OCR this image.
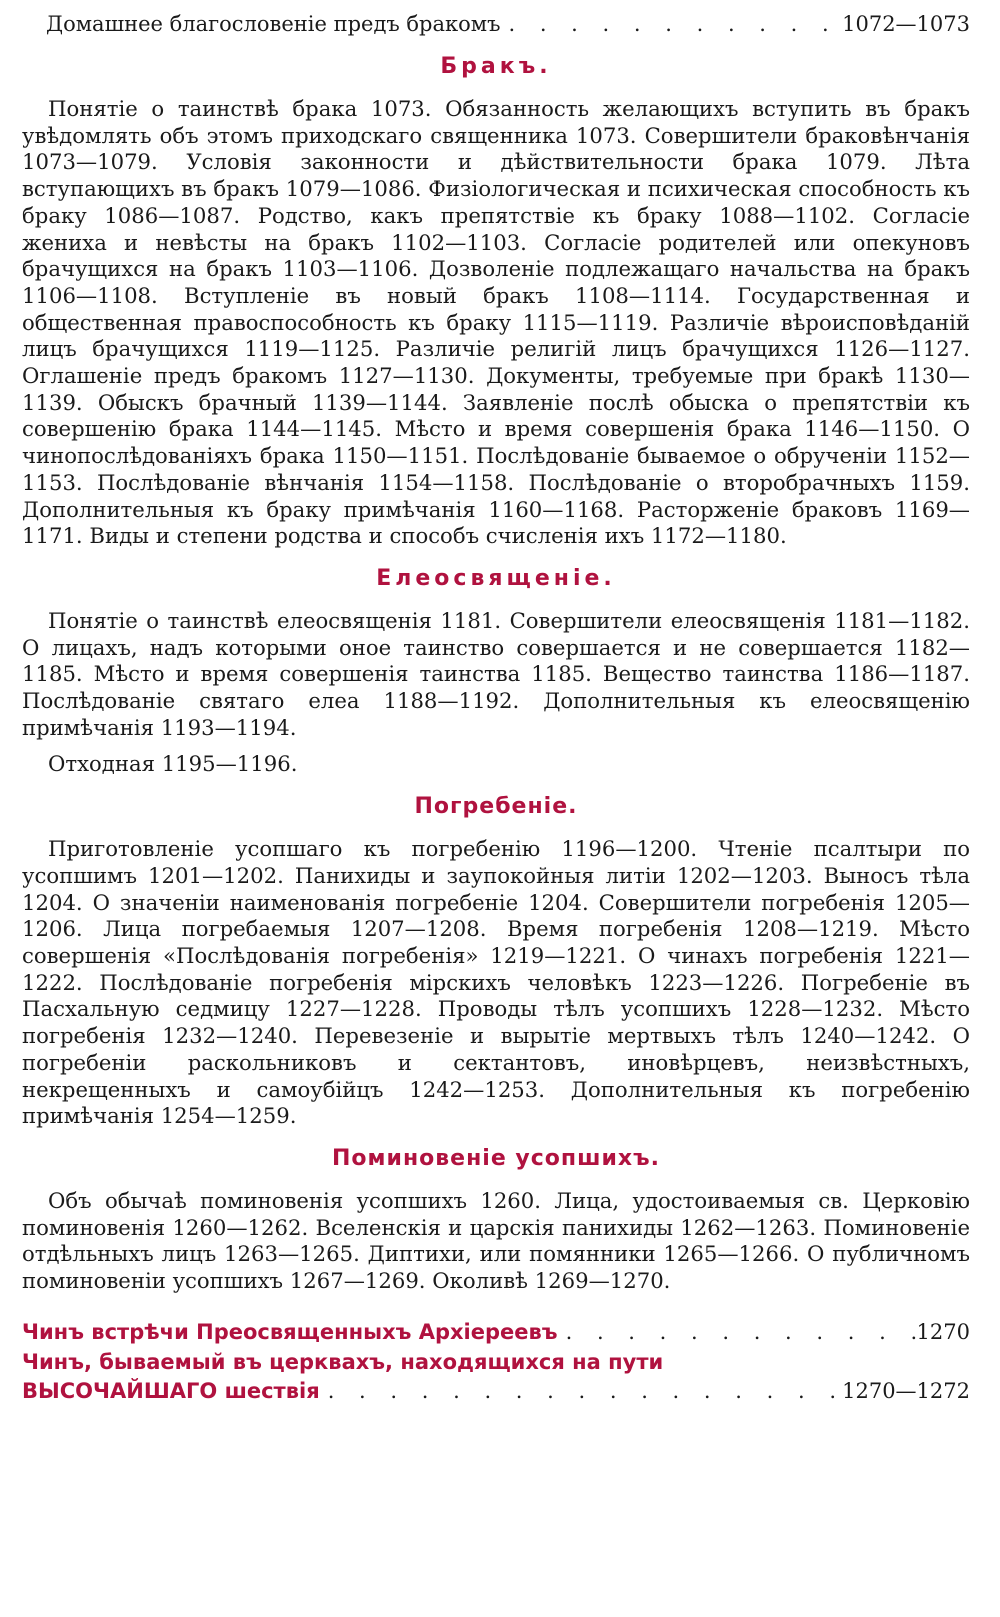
Домашнее благословеніе предъ бракомъ . . .	1072—1073
Бракъ.

Понятіе о таинствѣ брака 1073. Обязанность желающихъ вступить въ бракъ увѣдомлять объ этомъ приходскаго священника 1073. Совершители браковѣнчанія 1073—1079. Условія законности и дѣйствительности брака 1079. Лѣта вступающихъ въ бракъ 1079—1086. Физіологическая и психическая способность къ браку 1086—1087. Родство, какъ препятствіе къ браку 1088—1102. Согласіе жениха и невѣсты на бракъ 1102—1103. Согласіе родителей или опекуновъ брачущихся на бракъ 1103—1106. Дозволеніе подлежащаго начальства на бракъ 1106—1108. Вступленіе въ новый бракъ 1108—1114. Государственная и общественная правоспособность къ браку 1115—1119. Различіе вѣроисповѣданій лицъ брачущихся 1119—1125. Различіе религій лицъ брачущихся 1126—1127. Оглашеніе предъ бракомъ 1127—1130. Документы, требуемые при бракѣ 1130—1139. Обыскъ брачный 1139—1144. Заявленіе послѣ обыска о препятствіи къ совершенію брака 1144—1145. Мѣсто и время совершенія брака 1146—1150. О чинопослѣдованіяхъ брака 1150—1151. Послѣдованіе бываемое о обрученіи 1152—1153. Послѣдованіе вѣнчанія 1154—1158. Послѣдованіе о второбрачныхъ 1159. Дополнительныя къ браку примѣчанія 1160—1168. Расторженіе браковъ 1169—1171. Виды и степени родства и способъ счисленія ихъ 1172—1180.

Елеосвященіе.

Понятіе о таинствѣ елеосвященія 1181. Совершители елеосвященія 1181—1182. О лицахъ, надъ которыми оное таинство совершается и не совершается 1182—1185. Мѣсто и время совершенія таинства 1185. Вещество таинства 1186—1187. Послѣдованіе святаго елеа 1188—1192. Дополнительныя къ елеосвященію примѣчанія 1193—1194.

Отходная 1195—1196.

Погребеніе.

Приготовленіе усопшаго къ погребенію 1196—1200. Чтеніе псалтыри по усопшимъ 1201—1202. Панихиды и заупокойныя литіи 1202—1203. Выносъ тѣла 1204. О значеніи наименованія погребеніе 1204. Совершители погребенія 1205—1206. Лица погребаемыя 1207—1208. Время погребенія 1208—1219. Мѣсто совершенія «Послѣдованія погребенія» 1219—1221. О чинахъ погребенія 1221—1222. Послѣдованіе погребенія мірскихъ человѣкъ 1223—1226. Погребеніе въ Пасхальную седмицу 1227—1228. Проводы тѣлъ усопшихъ 1228—1232. Мѣсто погребенія 1232—1240. Перевезеніе и вырытіе мертвыхъ тѣлъ 1240—1242. О погребеніи раскольниковъ и сектантовъ, иновѣрцевъ, неизвѣстныхъ, некрещенныхъ и самоубійцъ 1242—1253. Дополнительныя къ погребенію примѣчанія 1254—1259.

Поминовеніе усопшихъ.

Объ обычаѣ поминовенія усопшихъ 1260. Лица, удостоиваемыя св. Церковію поминовенія 1260—1262. Вселенскія и царскія панихиды 1262—1263. Поминовеніе отдѣльныхъ лицъ 1263—1265. Диптихи, или помянники 1265—1266. О публичномъ поминовеніи усопшихъ 1267—1269. Околивѣ 1269—1270.

Чинъ встрѣчи Преосвященныхъ Архіереевъ . . .	1270
Чинъ, бываемый въ церквахъ, находящихся на пути
ВЫСОЧАЙШАГО шествія . . .	1270—1272
